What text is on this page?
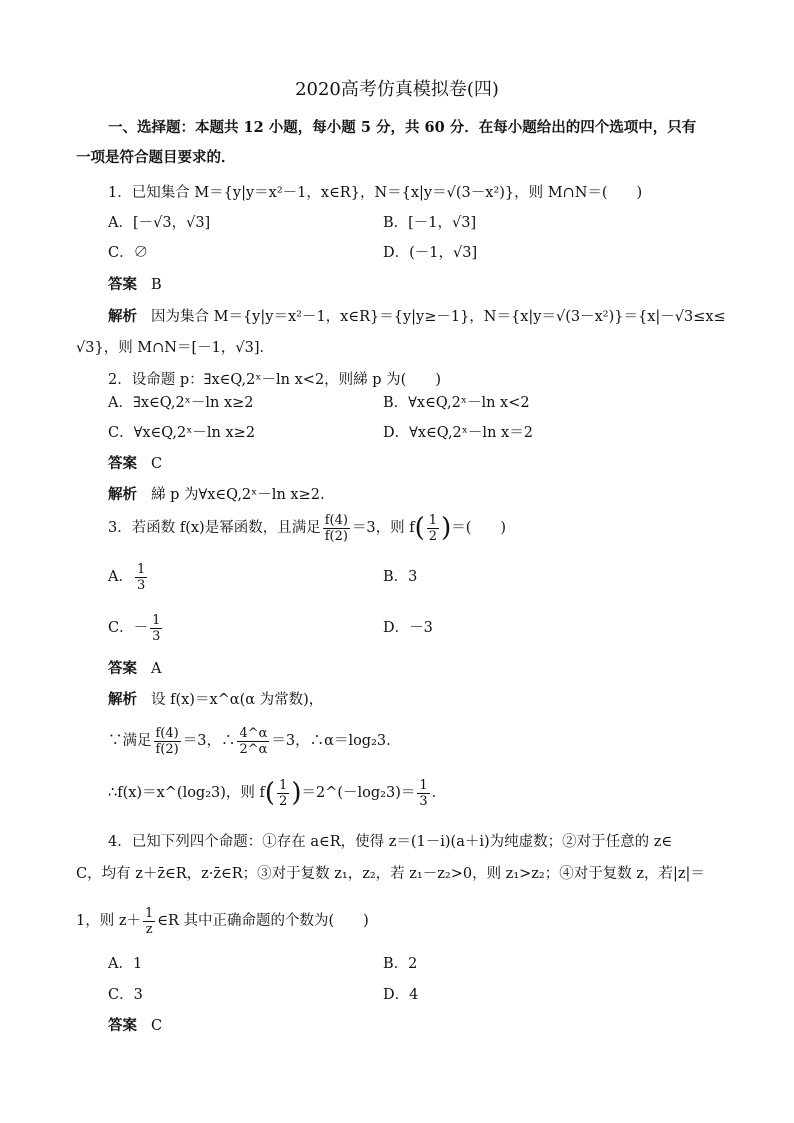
2020高考仿真模拟卷(四)
一、选择题：本题共 12 小题，每小题 5 分，共 60 分．在每小题给出的四个选项中，只有
一项是符合题目要求的．
1．已知集合 M＝{y|y＝x²－1，x∈R}，N＝{x|y＝√(3－x²)}，则 M∩N＝(　　)
A．[－√3，√3]	B．[－1，√3]
C．∅	D．(－1，√3]
答案 B
解析 因为集合 M＝{y|y＝x²－1，x∈R}＝{y|y≥－1}，N＝{x|y＝√(3－x²)}＝{x|－√3≤x≤
√3}，则 M∩N＝[－1，√3]．
2．设命题 p：∃x∈Q,2ˣ－ln x<2，则綈 p 为(　　)
A．∃x∈Q,2ˣ－ln x≥2	B．∀x∈Q,2ˣ－ln x<2
C．∀x∈Q,2ˣ－ln x≥2	D．∀x∈Q,2ˣ－ln x＝2
答案 C
解析 綈 p 为∀x∈Q,2ˣ－ln x≥2.
3．若函数 f(x)是幂函数，且满足 $\frac{f(4)}{f(2)} =3$，则 $f( \frac{1}{2}$ )＝(　　)
A． $\frac{1}{3}$	B．3
C．－ $\frac{1}{3}$	D．－3
答案 A
解析 设 f(x)＝x^α(α 为常数)，
∵满足 $\frac{f(4)}{f(2)} =3$，∴ $\frac{4\^{}\alpha}{2\^{}\alpha} =3$，∴α＝log₂3.
∴f(x)＝x^(log₂3)，则 $f( \frac{1}{2}$ )＝2^(－log₂3)＝ $\frac{1}{3}$ .
4．已知下列四个命题：①存在 a∈R，使得 z＝(1－i)(a＋i)为纯虚数；②对于任意的 z∈
C，均有 z＋z̄∈R，z·z̄∈R；③对于复数 z₁，z₂，若 z₁－z₂>0，则 z₁>z₂；④对于复数 z，若|z|＝
1，则 $z+ \frac{1}{z}$ ∈R 其中正确命题的个数为(　　)
A．1	B．2
C．3	D．4
答案 C
